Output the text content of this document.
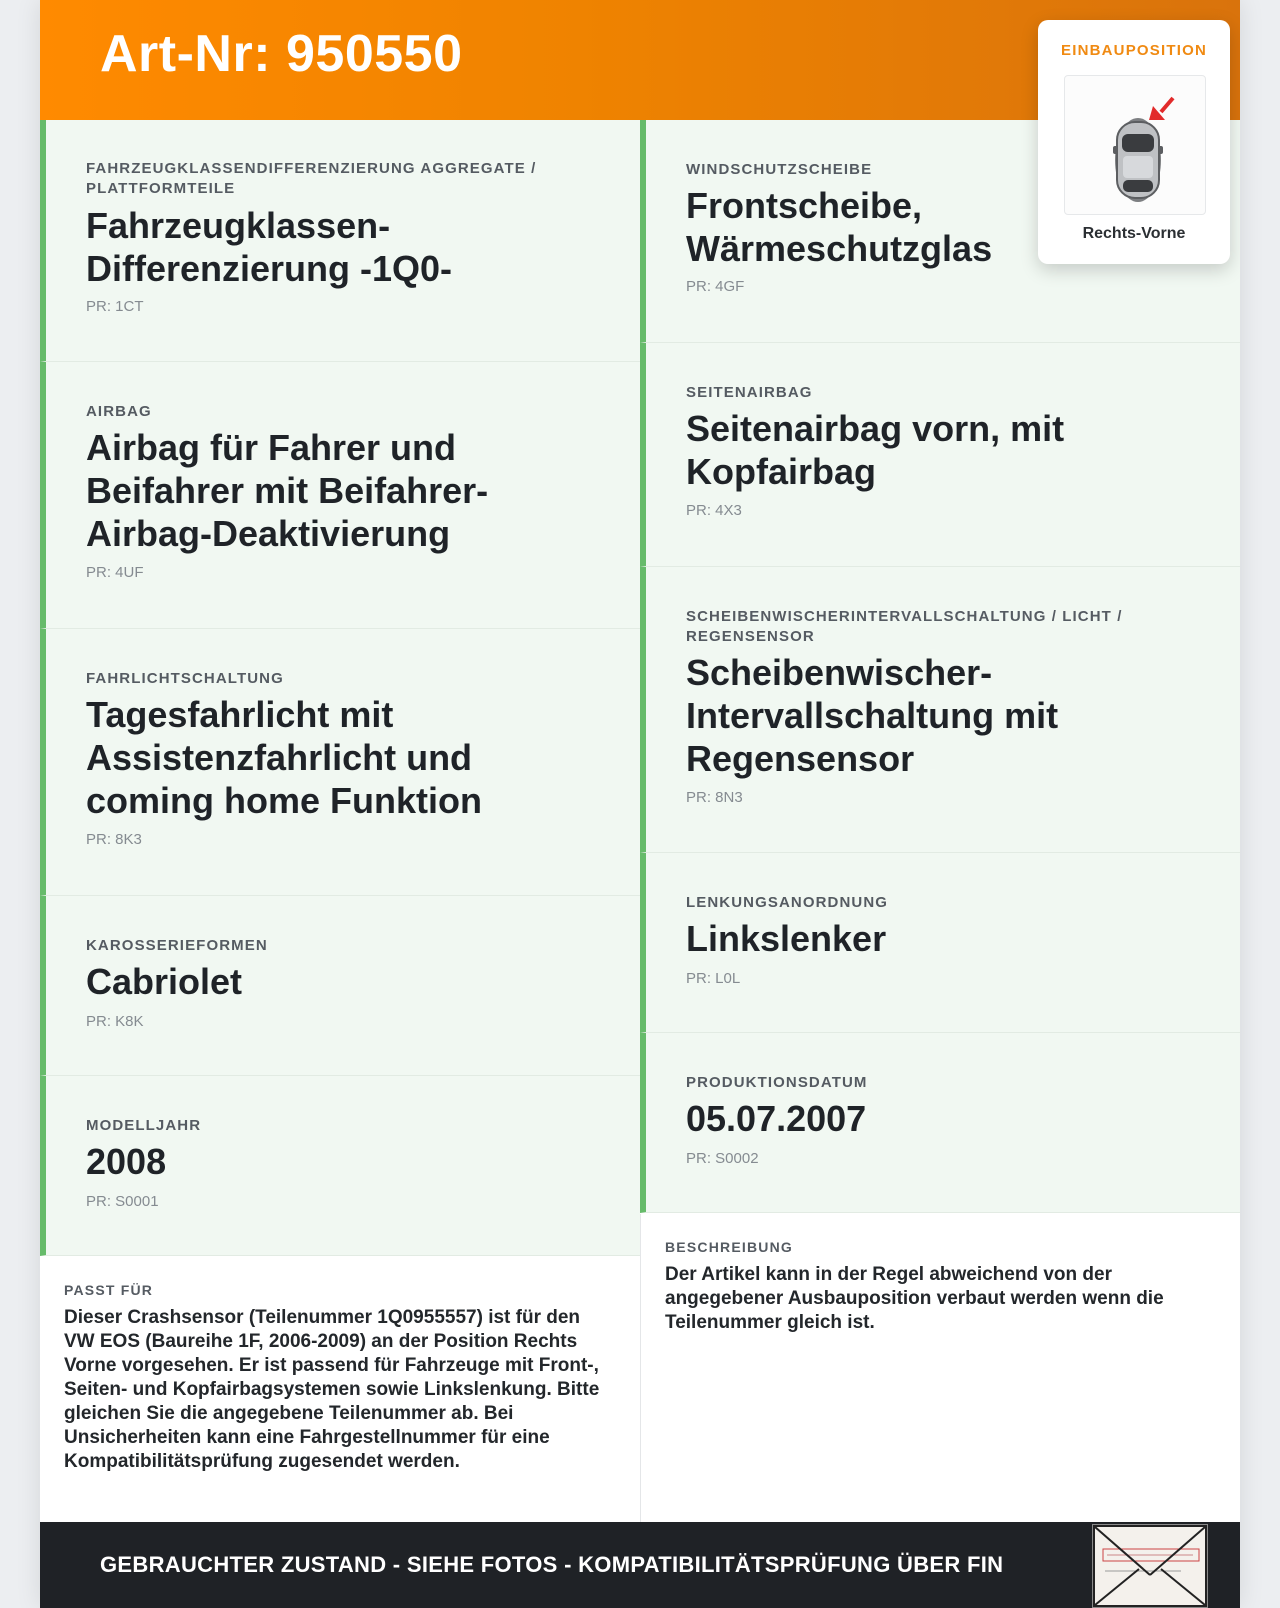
Art-Nr: 950550
FAHRZEUGKLASSENDIFFERENZIERUNG AGGREGATE / PLATTFORMTEILE
Fahrzeugklassen-Differenzierung -1Q0-
PR: 1CT
AIRBAG
Airbag für Fahrer und Beifahrer mit Beifahrer-Airbag-Deaktivierung
PR: 4UF
FAHRLICHTSCHALTUNG
Tagesfahrlicht mit Assistenzfahrlicht und coming home Funktion
PR: 8K3
KAROSSERIEFORMEN
Cabriolet
PR: K8K
MODELLJAHR
2008
PR: S0001
WINDSCHUTZSCHEIBE
Frontscheibe, Wärmeschutzglas
PR: 4GF
SEITENAIRBAG
Seitenairbag vorn, mit Kopfairbag
PR: 4X3
SCHEIBENWISCHERINTERVALLSCHALTUNG / LICHT / REGENSENSOR
Scheibenwischer-Intervallschaltung mit Regensensor
PR: 8N3
LENKUNGSANORDNUNG
Linkslenker
PR: L0L
PRODUKTIONSDATUM
05.07.2007
PR: S0002
PASST FÜR
Dieser Crashsensor (Teilenummer 1Q0955557) ist für den VW EOS (Baureihe 1F, 2006-2009) an der Position Rechts Vorne vorgesehen. Er ist passend für Fahrzeuge mit Front-, Seiten- und Kopfairbagsystemen sowie Linkslenkung. Bitte gleichen Sie die angegebene Teilenummer ab. Bei Unsicherheiten kann eine Fahrgestellnummer für eine Kompatibilitätsprüfung zugesendet werden.
BESCHREIBUNG
Der Artikel kann in der Regel abweichend von der angegebener Ausbauposition verbaut werden wenn die Teilenummer gleich ist.
GEBRAUCHTER ZUSTAND - SIEHE FOTOS - KOMPATIBILITÄTSPRÜFUNG ÜBER FIN
EINBAUPOSITION
Rechts-Vorne
